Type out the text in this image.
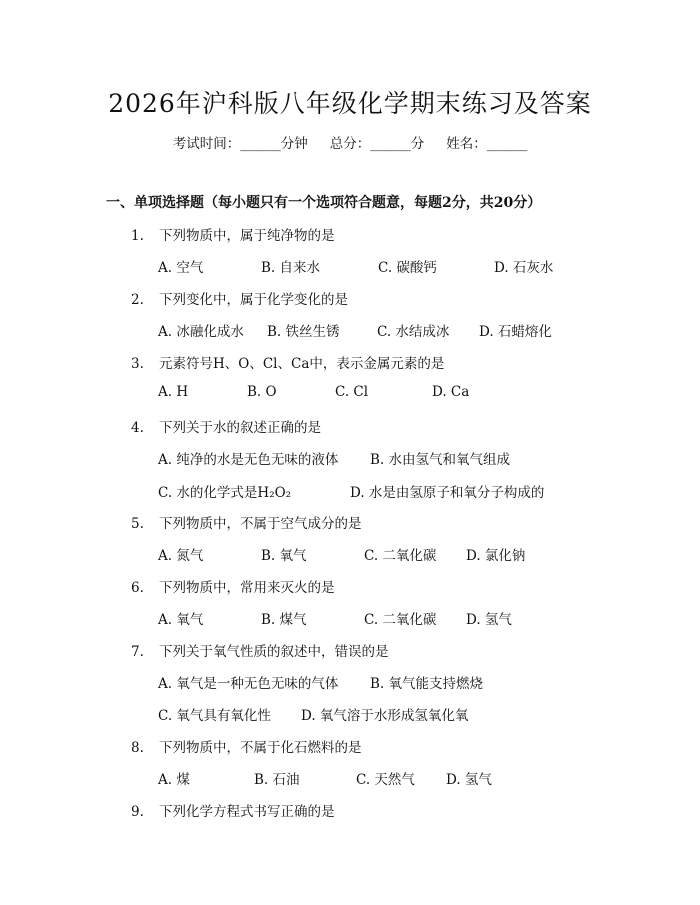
2026年沪科版八年级化学期末练习及答案
考试时间：______分钟 总分：______分 姓名：______
一、单项选择题（每小题只有一个选项符合题意，每题2分，共20分）
1. 下列物质中，属于纯净物的是
A. 空气	B. 自来水	C. 碳酸钙	D. 石灰水
2. 下列变化中，属于化学变化的是
A. 冰融化成水 B. 铁丝生锈	C. 水结成冰 D. 石蜡熔化
3. 元素符号H、O、Cl、Ca中，表示金属元素的是
A. H	B. O	C. Cl	D. Ca
4. 下列关于水的叙述正确的是
A. 纯净的水是无色无味的液体 B. 水由氢气和氧气组成
C. 水的化学式是H₂O₂	D. 水是由氢原子和氧分子构成的
5. 下列物质中，不属于空气成分的是
A. 氮气	B. 氧气	C. 二氧化碳 D. 氯化钠
6. 下列物质中，常用来灭火的是
A. 氧气	B. 煤气	C. 二氧化碳 D. 氢气
7. 下列关于氧气性质的叙述中，错误的是
A. 氧气是一种无色无味的气体 B. 氧气能支持燃烧
C. 氧气具有氧化性 D. 氧气溶于水形成氢氧化氧
8. 下列物质中，不属于化石燃料的是
A. 煤	B. 石油	C. 天然气 D. 氢气
9. 下列化学方程式书写正确的是
